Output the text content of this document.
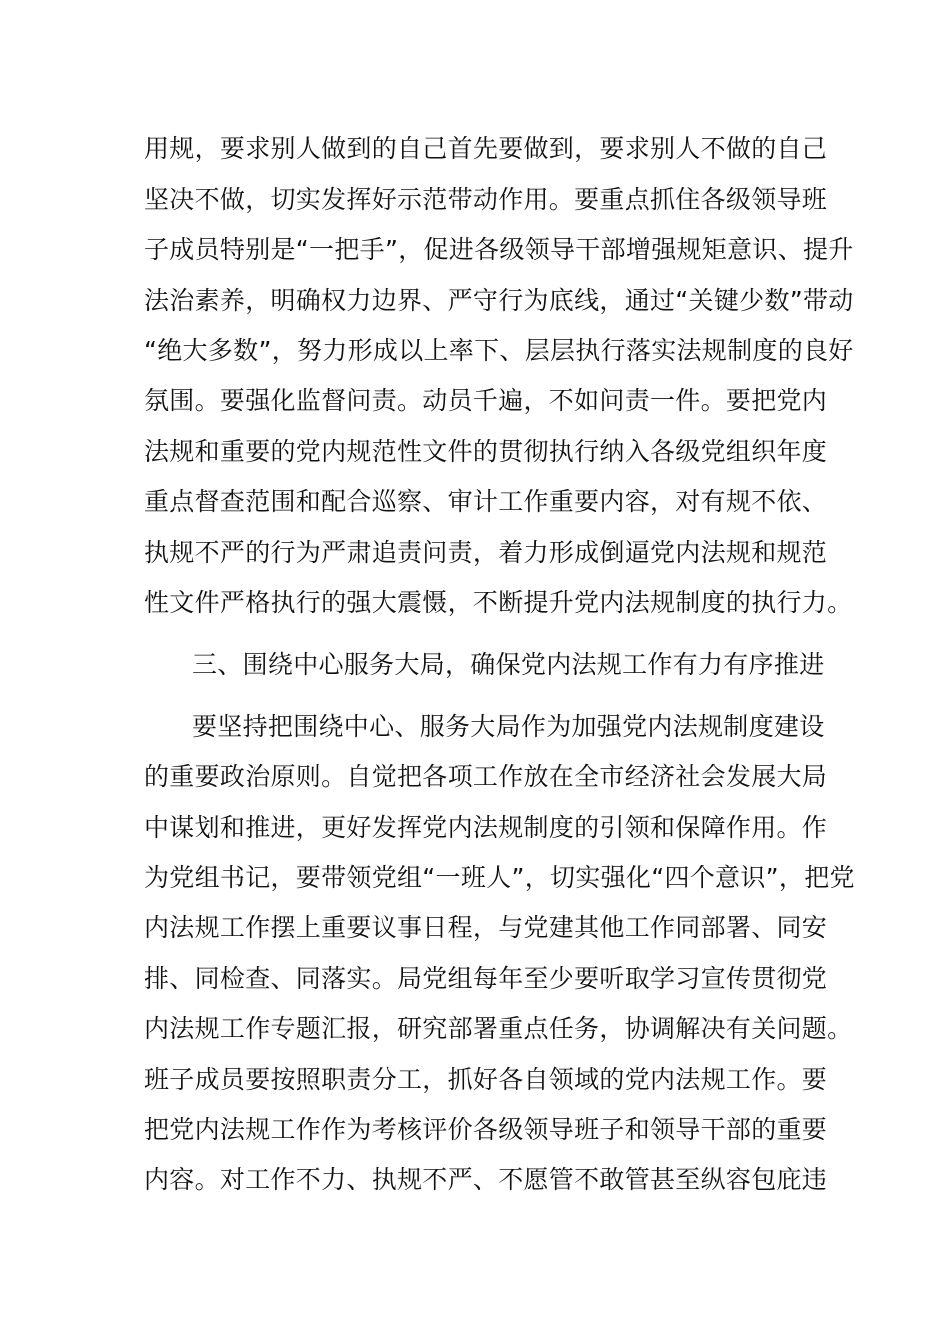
用规，要求别人做到的自己首先要做到，要求别人不做的自己
坚决不做，切实发挥好示范带动作用。要重点抓住各级领导班
子成员特别是“一把手”，促进各级领导干部增强规矩意识、提升
法治素养，明确权力边界、严守行为底线，通过“关键少数”带动
“绝大多数”，努力形成以上率下、层层执行落实法规制度的良好
氛围。要强化监督问责。动员千遍，不如问责一件。要把党内
法规和重要的党内规范性文件的贯彻执行纳入各级党组织年度
重点督查范围和配合巡察、审计工作重要内容，对有规不依、
执规不严的行为严肃追责问责，着力形成倒逼党内法规和规范
性文件严格执行的强大震慑，不断提升党内法规制度的执行力。
三、围绕中心服务大局，确保党内法规工作有力有序推进
要坚持把围绕中心、服务大局作为加强党内法规制度建设
的重要政治原则。自觉把各项工作放在全市经济社会发展大局
中谋划和推进，更好发挥党内法规制度的引领和保障作用。作
为党组书记，要带领党组“一班人”，切实强化“四个意识”，把党
内法规工作摆上重要议事日程，与党建其他工作同部署、同安
排、同检查、同落实。局党组每年至少要听取学习宣传贯彻党
内法规工作专题汇报，研究部署重点任务，协调解决有关问题。
班子成员要按照职责分工，抓好各自领域的党内法规工作。要
把党内法规工作作为考核评价各级领导班子和领导干部的重要
内容。对工作不力、执规不严、不愿管不敢管甚至纵容包庇违
